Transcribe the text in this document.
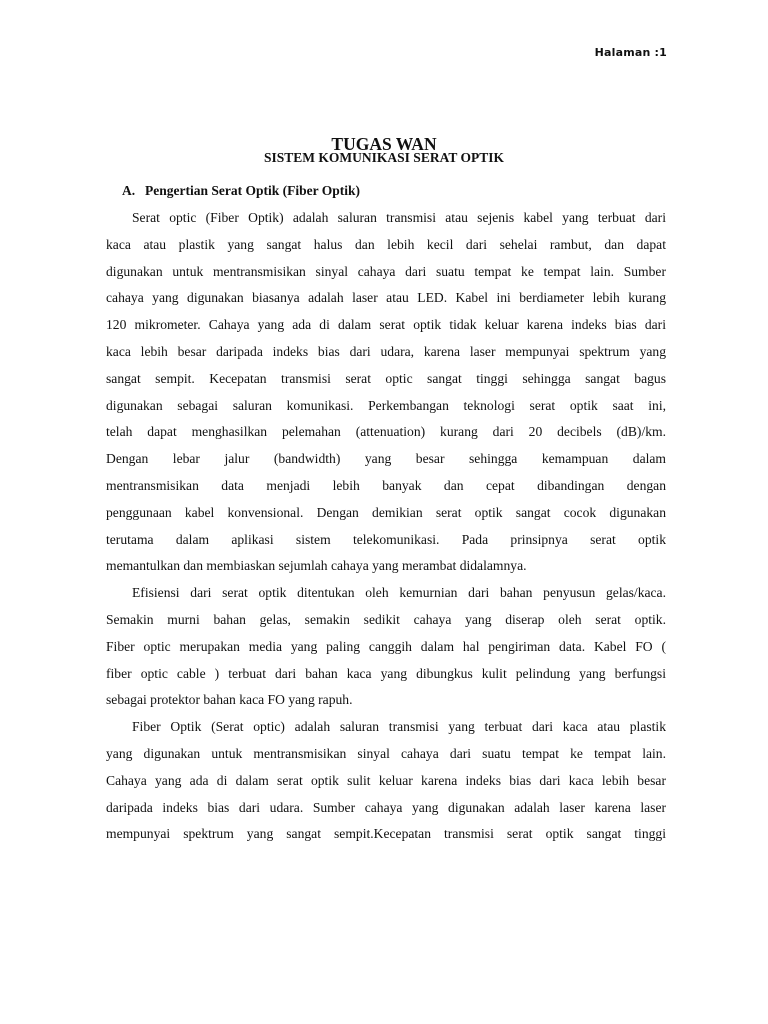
Halaman :1
TUGAS WAN
SISTEM KOMUNIKASI SERAT OPTIK
A. Pengertian Serat Optik (Fiber Optik)
Serat optic (Fiber Optik) adalah saluran transmisi atau sejenis kabel yang terbuat dari
kaca atau plastik yang sangat halus dan lebih kecil dari sehelai rambut, dan dapat
digunakan untuk mentransmisikan sinyal cahaya dari suatu tempat ke tempat lain. Sumber
cahaya yang digunakan biasanya adalah laser atau LED. Kabel ini berdiameter lebih kurang
120 mikrometer. Cahaya yang ada di dalam serat optik tidak keluar karena indeks bias dari
kaca lebih besar daripada indeks bias dari udara, karena laser mempunyai spektrum yang
sangat sempit. Kecepatan transmisi serat optic sangat tinggi sehingga sangat bagus
digunakan sebagai saluran komunikasi. Perkembangan teknologi serat optik saat ini,
telah dapat menghasilkan pelemahan (attenuation) kurang dari 20 decibels (dB)/km.
Dengan lebar jalur (bandwidth) yang besar sehingga kemampuan dalam
mentransmisikan data menjadi lebih banyak dan cepat dibandingan dengan
penggunaan kabel konvensional. Dengan demikian serat optik sangat cocok digunakan
terutama dalam aplikasi sistem telekomunikasi. Pada prinsipnya serat optik
memantulkan dan membiaskan sejumlah cahaya yang merambat didalamnya.
Efisiensi dari serat optik ditentukan oleh kemurnian dari bahan penyusun gelas/kaca.
Semakin murni bahan gelas, semakin sedikit cahaya yang diserap oleh serat optik.
Fiber optic merupakan media yang paling canggih dalam hal pengiriman data. Kabel FO (
fiber optic cable ) terbuat dari bahan kaca yang dibungkus kulit pelindung yang berfungsi
sebagai protektor bahan kaca FO yang rapuh.
Fiber Optik (Serat optic) adalah saluran transmisi yang terbuat dari kaca atau plastik
yang digunakan untuk mentransmisikan sinyal cahaya dari suatu tempat ke tempat lain.
Cahaya yang ada di dalam serat optik sulit keluar karena indeks bias dari kaca lebih besar
daripada indeks bias dari udara. Sumber cahaya yang digunakan adalah laser karena laser
mempunyai spektrum yang sangat sempit.Kecepatan transmisi serat optik sangat tinggi
